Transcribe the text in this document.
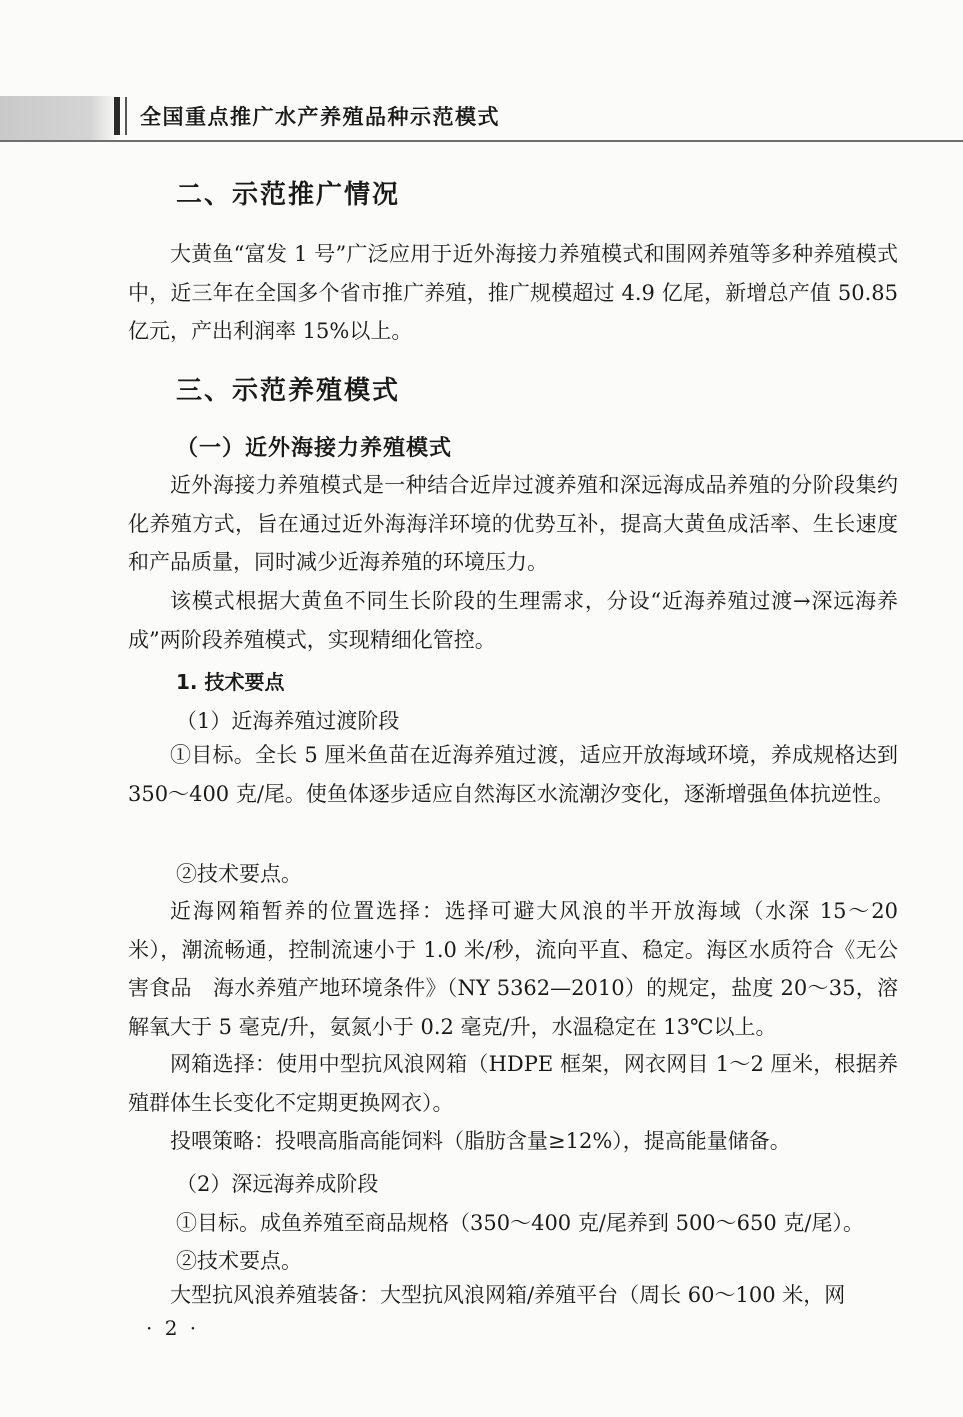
全国重点推广水产养殖品种示范模式
二、示范推广情况

大黄鱼“富发 1 号”广泛应用于近外海接力养殖模式和围网养殖等多种养殖模式中，近三年在全国多个省市推广养殖，推广规模超过 4.9 亿尾，新增总产值 50.85 亿元，产出利润率 15%以上。

三、示范养殖模式
（一）近外海接力养殖模式

近外海接力养殖模式是一种结合近岸过渡养殖和深远海成品养殖的分阶段集约化养殖方式，旨在通过近外海海洋环境的优势互补，提高大黄鱼成活率、生长速度和产品质量，同时减少近海养殖的环境压力。

该模式根据大黄鱼不同生长阶段的生理需求，分设“近海养殖过渡→深远海养成”两阶段养殖模式，实现精细化管控。

1. 技术要点
（1）近海养殖过渡阶段

①目标。全长 5 厘米鱼苗在近海养殖过渡，适应开放海域环境，养成规格达到 350～400 克/尾。使鱼体逐步适应自然海区水流潮汐变化，逐渐增强鱼体抗逆性。

②技术要点。

近海网箱暂养的位置选择：选择可避大风浪的半开放海域（水深 15～20 米），潮流畅通，控制流速小于 1.0 米/秒，流向平直、稳定。海区水质符合《无公害食品　海水养殖产地环境条件》（NY 5362—2010）的规定，盐度 20～35，溶解氧大于 5 毫克/升，氨氮小于 0.2 毫克/升，水温稳定在 13℃以上。

网箱选择：使用中型抗风浪网箱（HDPE 框架，网衣网目 1～2 厘米，根据养殖群体生长变化不定期更换网衣）。

投喂策略：投喂高脂高能饲料（脂肪含量≥12%），提高能量储备。

（2）深远海养成阶段
①目标。成鱼养殖至商品规格（350～400 克/尾养到 500～650 克/尾）。
②技术要点。

大型抗风浪养殖装备：大型抗风浪网箱/养殖平台（周长 60～100 米，网

· 2 ·
